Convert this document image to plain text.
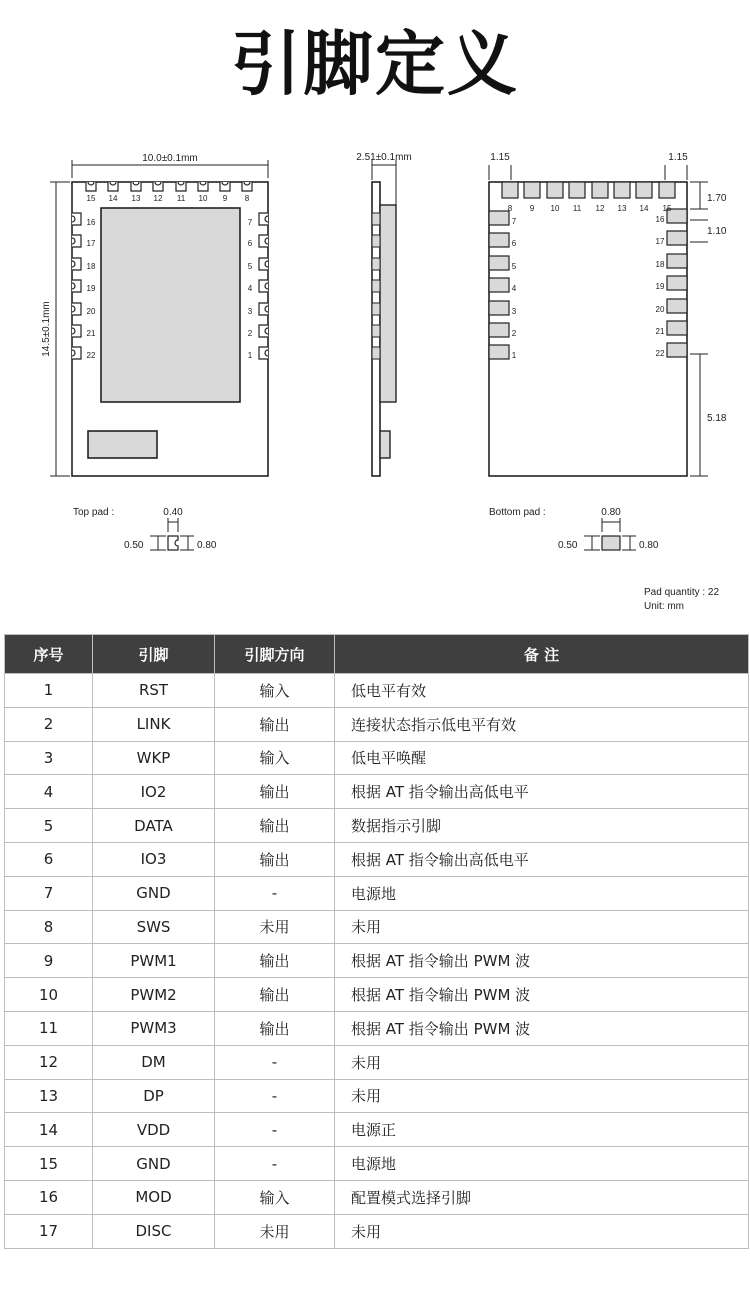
引脚定义
10.0±0.1mm
14.5±0.1mm
15 14 13 12 11 10 9 8
16
17
18
19
20
21
22
7
6
5
4
3
2
1
2.51±0.1mm	1.15	1.15
1.70
1.10
5.18
8 9 10 11 12 13 14 15
7
6
5
4
3
2
1
16
17
18
19
20
21
22
Top pad :	0.40
0.50	0.80
Bottom pad :	0.80
0.50	0.80
Pad quantity : 22
Unit: mm
序号	引脚	引脚方向	备 注
1	RST	输入	低电平有效
2	LINK	输出	连接状态指示低电平有效
3	WKP	输入	低电平唤醒
4	IO2	输出	根据 AT 指令输出高低电平
5	DATA	输出	数据指示引脚
6	IO3	输出	根据 AT 指令输出高低电平
7	GND	-	电源地
8	SWS	未用	未用
9	PWM1	输出	根据 AT 指令输出 PWM 波
10	PWM2	输出	根据 AT 指令输出 PWM 波
11	PWM3	输出	根据 AT 指令输出 PWM 波
12	DM	-	未用
13	DP	-	未用
14	VDD	-	电源正
15	GND	-	电源地
16	MOD	输入	配置模式选择引脚
17	DISC	未用	未用
